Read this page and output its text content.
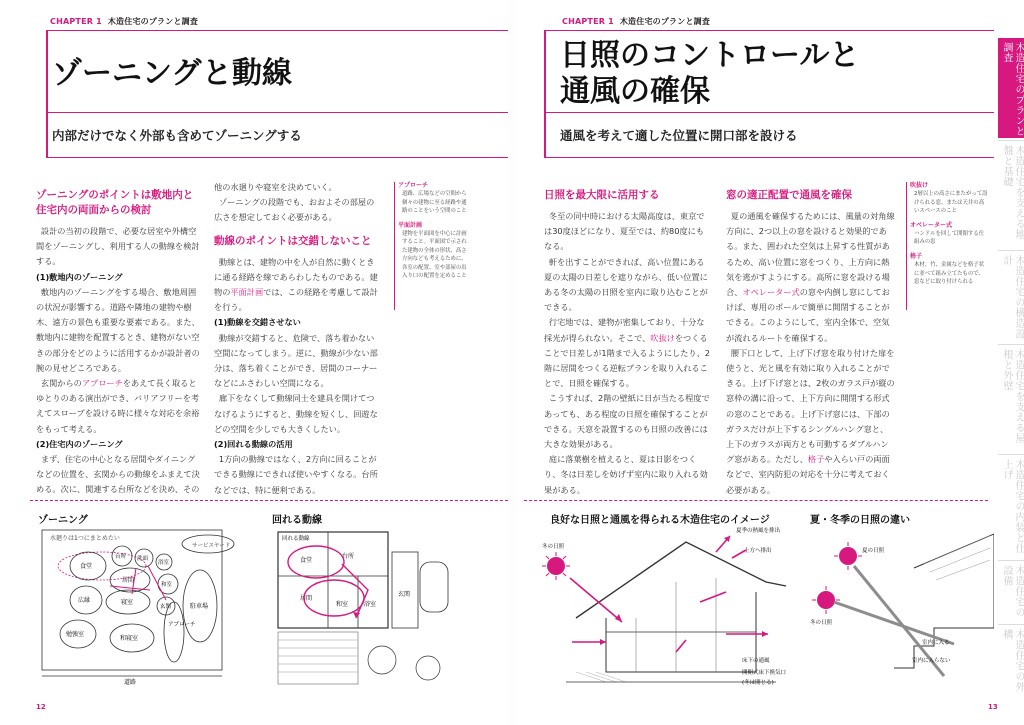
CHAPTER 1 木造住宅のプランと調査
ゾーニングと動線
内部だけでなく外部も含めてゾーニングする
ゾーニングのポイントは敷地内と住宅内の両面からの検討

設計の当初の段階で、必要な居室や外構空間をゾーニングし、利用する人の動線を検討する。

(1)敷地内のゾーニング

敷地内のゾーニングをする場合、敷地周囲の状況が影響する。道路や隣地の建物や樹木、遠方の景色も重要な要素である。また、敷地内に建物を配置するとき、建物がない空きの部分をどのように活用するかが設計者の腕の見せどころである。

玄関からのアプローチをあえて長く取るとゆとりのある演出ができ、バリアフリーを考えてスロープを設ける時に様々な対応を余裕をもって考える。

(2)住宅内のゾーニング

まず、住宅の中心となる居間やダイニングなどの位置を、玄関からの動線をふまえて決める。次に、関連する台所などを決め、その

他の水廻りや寝室を決めていく。

ゾーニングの段階でも、おおよその部屋の広さを想定しておく必要がある。

動線のポイントは交錯しないこと

動線とは、建物の中を人が自然に動くときに通る経路を線であらわしたものである。建物の平面計画では、この経路を考慮して設計を行う。

(1)動線を交錯させない

動線が交錯すると、危険で、落ち着かない空間になってしまう。逆に、動線が少ない部分は、落ち着くことができ、居間のコーナーなどにふさわしい空間になる。

廊下をなくして動線同士を建具を開けてつなげるようにすると、動線を短くし、回遊などの空間を少しでも大きくしたい。

(2)回れる動線の活用

1方向の動線ではなく、2方向に回ることができる動線にできれば使いやすくなる。台所などでは、特に便利である。

アプローチ
道路、広場などの空間から個々の建物に至る経路や通路のことをいう空間のこと
平面計画
建物を平面図を中心に計画すること。平面図で示された建物の全体の形状、高さ方向なども考えるために、各室の配置、室や部屋の出入り口の配置を定めること
ゾーニング
水廻りは1つにまとめたい
サービスヤード
食堂
台所 洗面
浴室
居間
和室
寝室
広縁
玄関	駐車場
勉強室
和寝室
アプローチ
道路
回れる動線
回れる動線
台所
食堂
居間
和室
玄関
浴室
12
CHAPTER 1 木造住宅のプランと調査
日照のコントロールと
通風の確保
通風を考えて適した位置に開口部を設ける
日照を最大限に活用する

冬至の同中時における太陽高度は、東京では30度ほどになり、夏至では、約80度にもなる。

軒を出すことができれば、高い位置にある夏の太陽の日差しを遮りながら、低い位置にある冬の太陽の日照を室内に取り込むことができる。

行宅地では、建物が密集しており、十分な採光が得られない。そこで、吹抜けをつくることで日差しが1階まで入るようにしたり、2階に居間をつくる逆転プランを取り入れることで、日照を確保する。

こうすれば、2階の壁紙に日が当たる程度であっても、ある程度の日照を確保することができる。天窓を設置するのも日照の改善には大きな効果がある。

庭に落葉樹を植えると、夏は日影をつくり、冬は日差しを妨げず室内に取り入れる効果がある。

窓の適正配置で通風を確保

夏の通風を確保するためには、風量の対角線方向に、2つ以上の窓を設けると効果的である。また、囲われた空気は上昇する性質があるため、高い位置に窓をつくり、上方向に熱気を逃がすようにする。高所に窓を設ける場合、オペレーター式の窓や内倒し窓にしておけば、専用のポールで簡単に開閉することができる。このようにして、室内全体で、空気が流れるルートを確保する。

腰下口として、上げ下げ窓を取り付けた扉を使うと、光と風を有効に取り入れることができる。上げ下げ窓とは、2枚のガラス戸が縦の窓枠の溝に沿って、上下方向に開閉する形式の窓のことである。上げ下げ窓には、下部のガラスだけが上下するシングルハング窓と、上下のガラスが両方とも可動するダブルハング窓がある。ただし、格子や入らい戸の両面などで、室内防犯の対応を十分に考えておく必要がある。

吹抜け
2層以上の高さにまたがって設けられる窓、または天井の高いスペースのこと
オペレーター式
ハンドルを回して開閉する仕組みの窓
格子
木材、竹、金属などを格子状に並べて組み立てたもので、窓などに取り付けられる
良好な日照と通風を得られる木造住宅のイメージ
冬の日照
夏季の熱風を排出
上方へ排出
床下の通風
開閉式床下換気口
(冬は閉じる)
夏・冬季の日照の違い
夏の日照
冬の日照
室内に入る
室内に入らない
13
木造住宅のプランと調査
木造住宅を支える地盤と基礎
木造住宅の構造設計
木造住宅を支える屋根と外壁
木造住宅の内装と仕上げ
木造住宅の設備
木造住宅の外構
